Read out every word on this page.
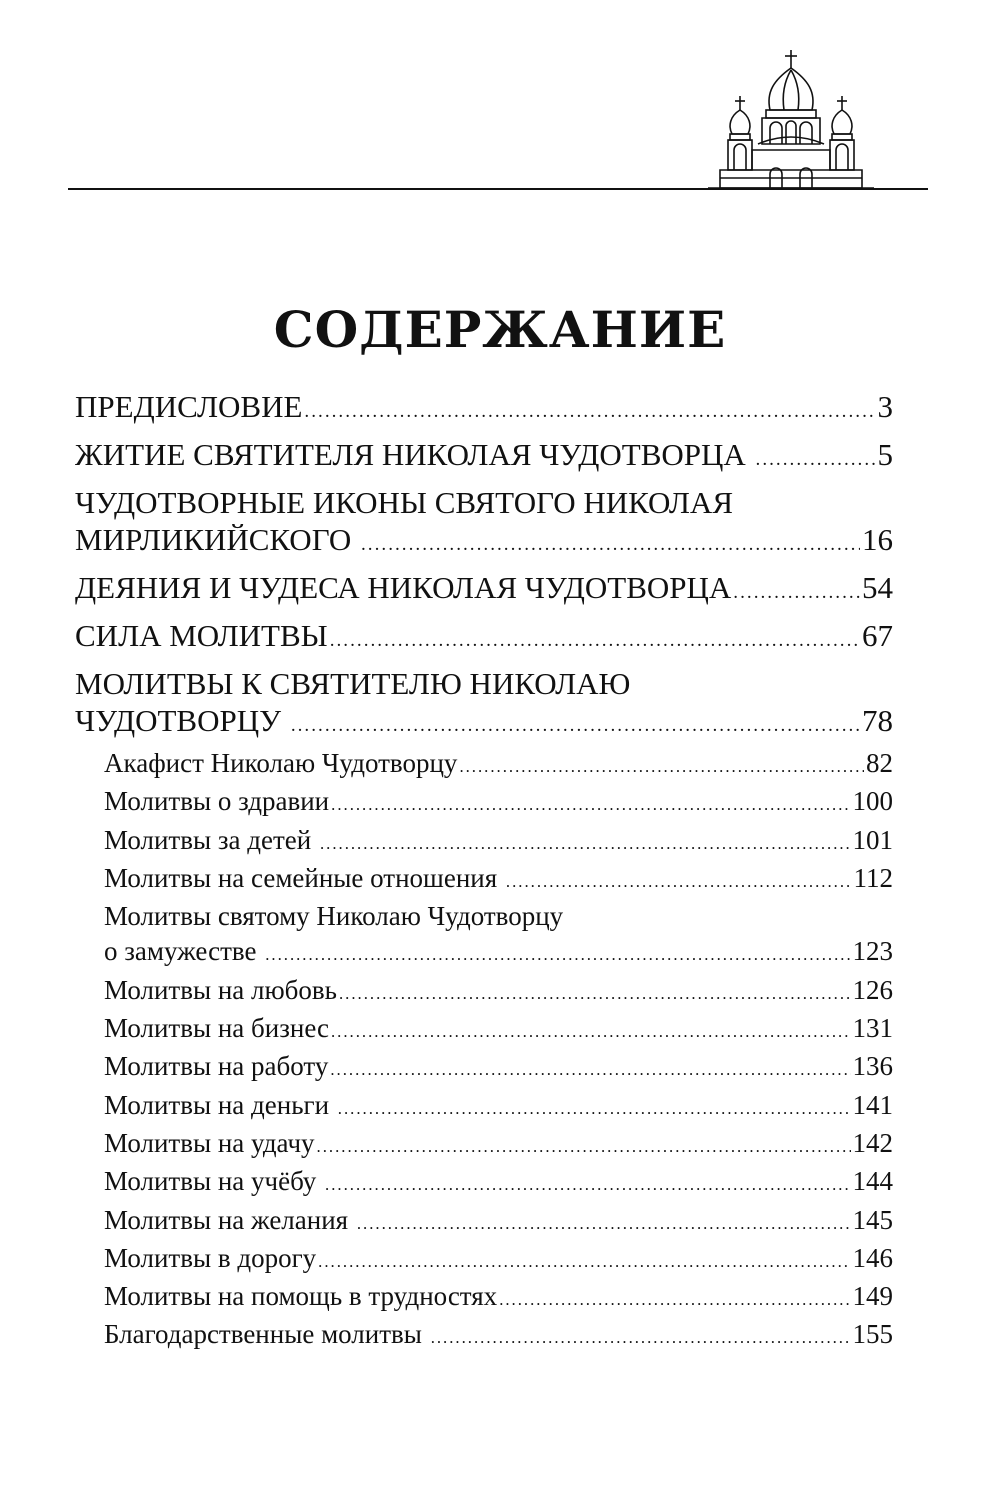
СОДЕРЖАНИЕ
ПРЕДИСЛОВИЕ .....	3
ЖИТИЕ СВЯТИТЕЛЯ НИКОЛАЯ ЧУДОТВОРЦА .....	5
ЧУДОТВОРНЫЕ ИКОНЫ СВЯТОГО НИКОЛАЯ
МИРЛИКИЙСКОГО .....	16
ДЕЯНИЯ И ЧУДЕСА НИКОЛАЯ ЧУДОТВОРЦА .....	54
СИЛА МОЛИТВЫ .....	67
МОЛИТВЫ К СВЯТИТЕЛЮ НИКОЛАЮ
ЧУДОТВОРЦУ .....	78
Акафист Николаю Чудотворцу .....	82
Молитвы о здравии .....	100
Молитвы за детей .....	101
Молитвы на семейные отношения .....	112
Молитвы святому Николаю Чудотворцу
о замужестве .....	123
Молитвы на любовь .....	126
Молитвы на бизнес .....	131
Молитвы на работу .....	136
Молитвы на деньги .....	141
Молитвы на удачу .....	142
Молитвы на учёбу .....	144
Молитвы на желания .....	145
Молитвы в дорогу .....	146
Молитвы на помощь в трудностях .....	149
Благодарственные молитвы .....	155
